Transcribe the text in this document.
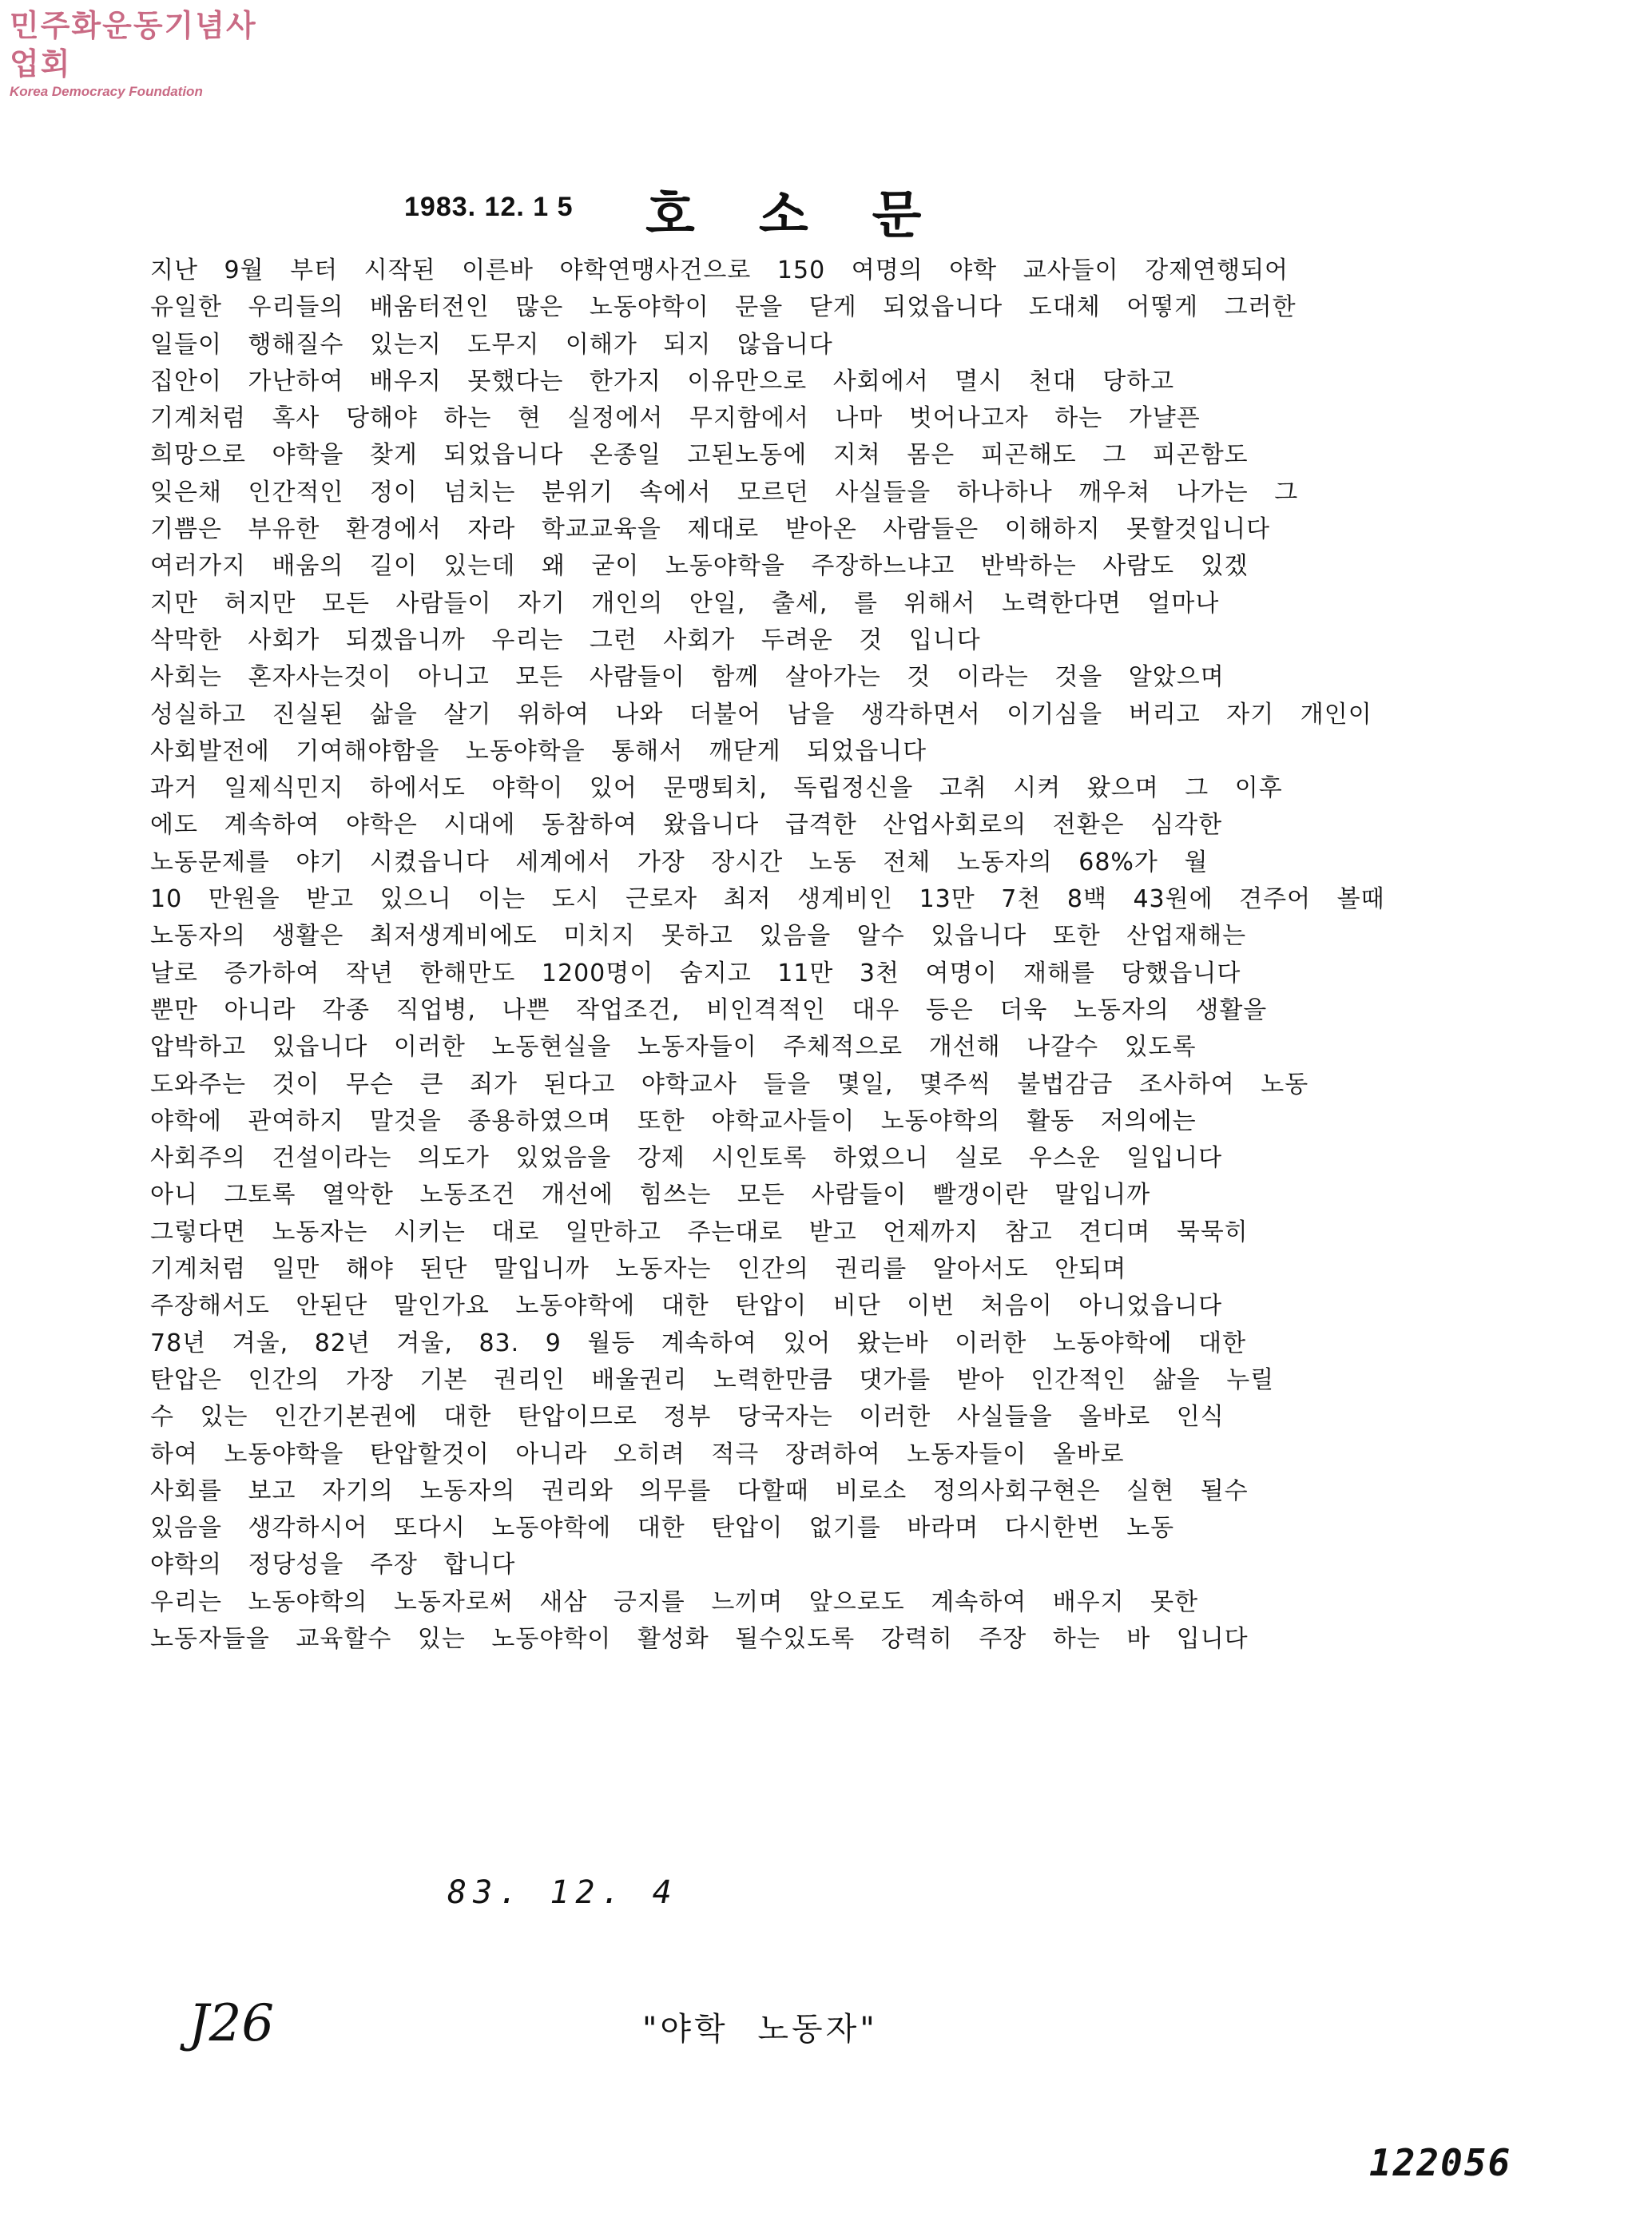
민주화운동기념사업회
Korea Democracy Foundation
1983. 12. 1 5 호소문
지난 9월 부터 시작된 이른바 야학연맹사건으로 150 여명의 야학 교사들이 강제연행되어
유일한 우리들의 배움터전인 많은 노동야학이 문을 닫게 되었읍니다 도대체 어떻게 그러한
일들이 행해질수 있는지 도무지 이해가 되지 않읍니다
집안이 가난하여 배우지 못했다는 한가지 이유만으로 사회에서 멸시 천대 당하고
기계처럼 혹사 당해야 하는 현 실정에서 무지함에서 나마 벗어나고자 하는 가냘픈
희망으로 야학을 찾게 되었읍니다 온종일 고된노동에 지쳐 몸은 피곤해도 그 피곤함도
잊은채 인간적인 정이 넘치는 분위기 속에서 모르던 사실들을 하나하나 깨우쳐 나가는 그
기쁨은 부유한 환경에서 자라 학교교육을 제대로 받아온 사람들은 이해하지 못할것입니다
여러가지 배움의 길이 있는데 왜 굳이 노동야학을 주장하느냐고 반박하는 사람도 있겠
지만 허지만 모든 사람들이 자기 개인의 안일, 출세, 를 위해서 노력한다면 얼마나
삭막한 사회가 되겠읍니까 우리는 그런 사회가 두려운 것 입니다
사회는 혼자사는것이 아니고 모든 사람들이 함께 살아가는 것 이라는 것을 알았으며
성실하고 진실된 삶을 살기 위하여 나와 더불어 남을 생각하면서 이기심을 버리고 자기 개인이
사회발전에 기여해야함을 노동야학을 통해서 깨닫게 되었읍니다
과거 일제식민지 하에서도 야학이 있어 문맹퇴치, 독립정신을 고취 시켜 왔으며 그 이후
에도 계속하여 야학은 시대에 동참하여 왔읍니다 급격한 산업사회로의 전환은 심각한
노동문제를 야기 시켰읍니다 세계에서 가장 장시간 노동 전체 노동자의 68%가 월
10 만원을 받고 있으니 이는 도시 근로자 최저 생계비인 13만 7천 8백 43원에 견주어 볼때
노동자의 생활은 최저생계비에도 미치지 못하고 있음을 알수 있읍니다 또한 산업재해는
날로 증가하여 작년 한해만도 1200명이 숨지고 11만 3천 여명이 재해를 당했읍니다
뿐만 아니라 각종 직업병, 나쁜 작업조건, 비인격적인 대우 등은 더욱 노동자의 생활을
압박하고 있읍니다 이러한 노동현실을 노동자들이 주체적으로 개선해 나갈수 있도록
도와주는 것이 무슨 큰 죄가 된다고 야학교사 들을 몇일, 몇주씩 불법감금 조사하여 노동
야학에 관여하지 말것을 종용하였으며 또한 야학교사들이 노동야학의 활동 저의에는
사회주의 건설이라는 의도가 있었음을 강제 시인토록 하였으니 실로 우스운 일입니다
아니 그토록 열악한 노동조건 개선에 힘쓰는 모든 사람들이 빨갱이란 말입니까
그렇다면 노동자는 시키는 대로 일만하고 주는대로 받고 언제까지 참고 견디며 묵묵히
기계처럼 일만 해야 된단 말입니까 노동자는 인간의 권리를 알아서도 안되며
주장해서도 안된단 말인가요 노동야학에 대한 탄압이 비단 이번 처음이 아니었읍니다
78년 겨울, 82년 겨울, 83. 9 월등 계속하여 있어 왔는바 이러한 노동야학에 대한
탄압은 인간의 가장 기본 권리인 배울권리 노력한만큼 댓가를 받아 인간적인 삶을 누릴
수 있는 인간기본권에 대한 탄압이므로 정부 당국자는 이러한 사실들을 올바로 인식
하여 노동야학을 탄압할것이 아니라 오히려 적극 장려하여 노동자들이 올바로
사회를 보고 자기의 노동자의 권리와 의무를 다할때 비로소 정의사회구현은 실현 될수
있음을 생각하시어 또다시 노동야학에 대한 탄압이 없기를 바라며 다시한번 노동
야학의 정당성을 주장 합니다
우리는 노동야학의 노동자로써 새삼 긍지를 느끼며 앞으로도 계속하여 배우지 못한
노동자들을 교육할수 있는 노동야학이 활성화 될수있도록 강력히 주장 하는 바 입니다
83. 12. 4
J26	"야학 노동자"
122056
